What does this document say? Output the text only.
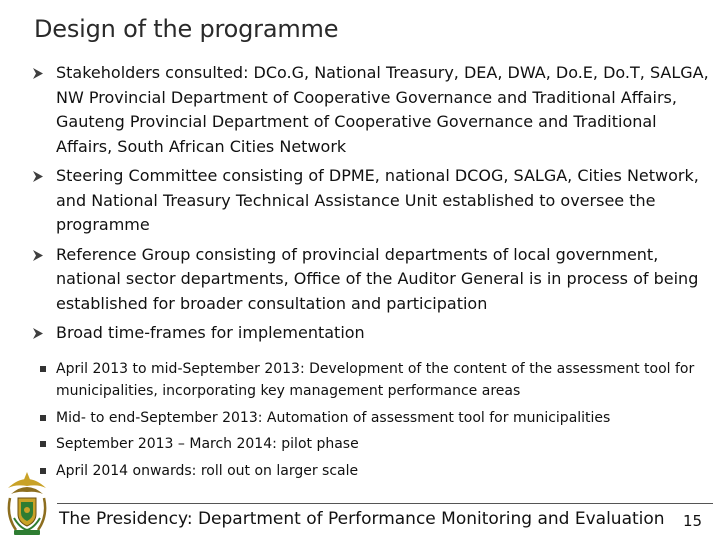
Design of the programme
Stakeholders consulted: DCo.G, National Treasury, DEA, DWA, Do.E, Do.T, SALGA, NW Provincial Department of Cooperative Governance and Traditional Affairs, Gauteng Provincial Department of Cooperative Governance and Traditional Affairs, South African Cities Network
Steering Committee consisting of DPME, national DCOG, SALGA, Cities Network, and National Treasury Technical Assistance Unit established to oversee the programme
Reference Group consisting of provincial departments of local government, national sector departments, Office of the Auditor General is in process of being established for broader consultation and participation
Broad time-frames for implementation
April 2013 to mid-September 2013: Development of the content of the assessment tool for municipalities, incorporating key management performance areas
Mid- to end-September 2013: Automation of assessment tool for municipalities
September 2013 – March 2014: pilot phase
April 2014 onwards: roll out on larger scale
The Presidency: Department of Performance Monitoring and Evaluation 15
